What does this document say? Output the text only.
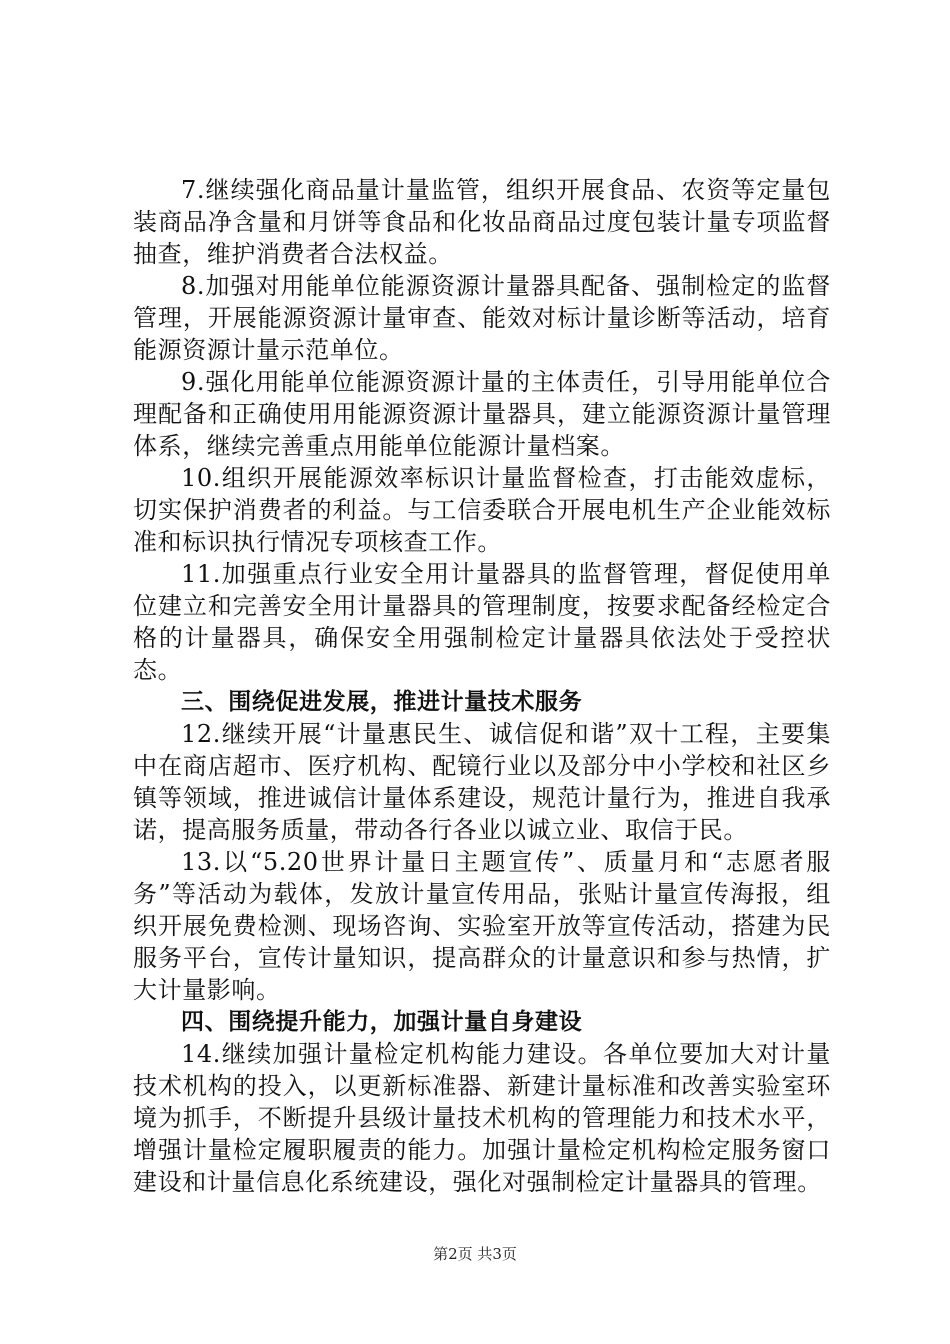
7.继续强化商品量计量监管，组织开展食品、农资等定量包装商品净含量和月饼等食品和化妆品商品过度包装计量专项监督抽查，维护消费者合法权益。

8.加强对用能单位能源资源计量器具配备、强制检定的监督管理，开展能源资源计量审查、能效对标计量诊断等活动，培育能源资源计量示范单位。

9.强化用能单位能源资源计量的主体责任，引导用能单位合理配备和正确使用用能源资源计量器具，建立能源资源计量管理体系，继续完善重点用能单位能源计量档案。

10.组织开展能源效率标识计量监督检查，打击能效虚标，切实保护消费者的利益。与工信委联合开展电机生产企业能效标准和标识执行情况专项核查工作。

11.加强重点行业安全用计量器具的监督管理，督促使用单位建立和完善安全用计量器具的管理制度，按要求配备经检定合格的计量器具，确保安全用强制检定计量器具依法处于受控状态。

三、围绕促进发展，推进计量技术服务

12.继续开展“计量惠民生、诚信促和谐”双十工程，主要集中在商店超市、医疗机构、配镜行业以及部分中小学校和社区乡镇等领域，推进诚信计量体系建设，规范计量行为，推进自我承诺，提高服务质量，带动各行各业以诚立业、取信于民。

13.以“5.20世界计量日主题宣传”、质量月和“志愿者服务”等活动为载体，发放计量宣传用品，张贴计量宣传海报，组织开展免费检测、现场咨询、实验室开放等宣传活动，搭建为民服务平台，宣传计量知识，提高群众的计量意识和参与热情，扩大计量影响。

四、围绕提升能力，加强计量自身建设

14.继续加强计量检定机构能力建设。各单位要加大对计量技术机构的投入，以更新标准器、新建计量标准和改善实验室环境为抓手，不断提升县级计量技术机构的管理能力和技术水平，增强计量检定履职履责的能力。加强计量检定机构检定服务窗口建设和计量信息化系统建设，强化对强制检定计量器具的管理。

第2页 共3页
